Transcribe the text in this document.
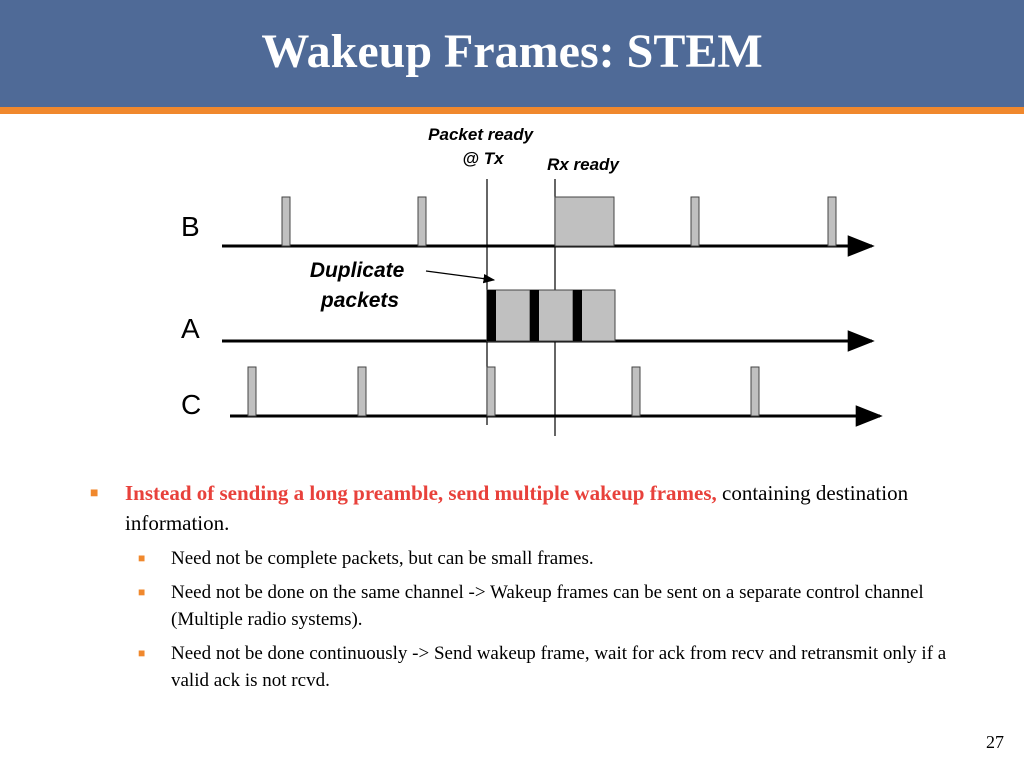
Wakeup Frames: STEM
Packet ready @ Tx	Rx ready
B
A
C
Duplicate packets
■ Instead of sending a long preamble, send multiple wakeup frames, containing destination information.
■ Need not be complete packets, but can be small frames.
■ Need not be done on the same channel -> Wakeup frames can be sent on a separate control channel (Multiple radio systems).
■ Need not be done continuously -> Send wakeup frame, wait for ack from recv and retransmit only if a valid ack is not rcvd.
27
